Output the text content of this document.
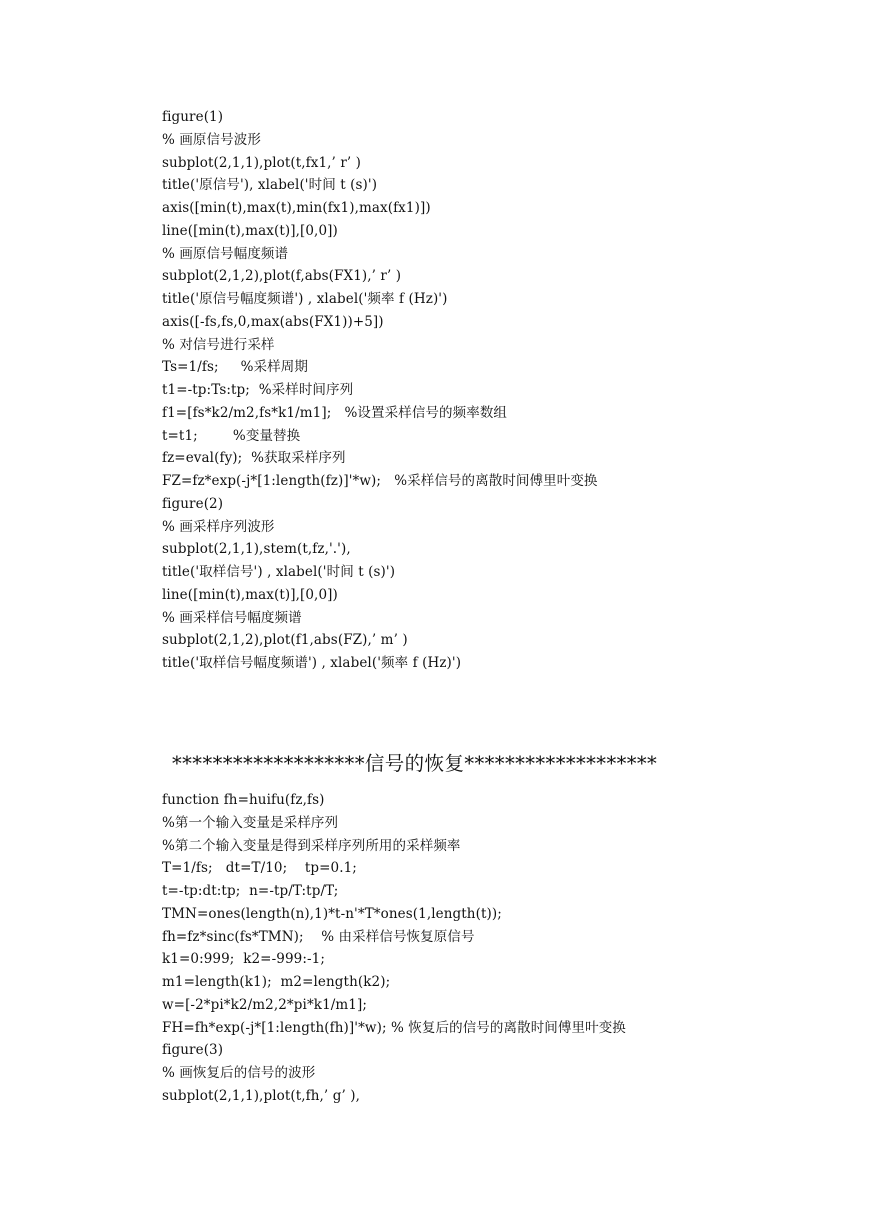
figure(1)
% 画原信号波形
subplot(2,1,1),plot(t,fx1,’ r’ )
title('原信号'), xlabel('时间 t (s)')
axis([min(t),max(t),min(fx1),max(fx1)])
line([min(t),max(t)],[0,0])
% 画原信号幅度频谱
subplot(2,1,2),plot(f,abs(FX1),’ r’ )
title('原信号幅度频谱') , xlabel('频率 f (Hz)')
axis([-fs,fs,0,max(abs(FX1))+5])
% 对信号进行采样
Ts=1/fs;     %采样周期
t1=-tp:Ts:tp;  %采样时间序列
f1=[fs*k2/m2,fs*k1/m1];   %设置采样信号的频率数组
t=t1;        %变量替换
fz=eval(fy);  %获取采样序列
FZ=fz*exp(-j*[1:length(fz)]'*w);   %采样信号的离散时间傅里叶变换
figure(2)
% 画采样序列波形
subplot(2,1,1),stem(t,fz,'.'),
title('取样信号') , xlabel('时间 t (s)')
line([min(t),max(t)],[0,0])
% 画采样信号幅度频谱
subplot(2,1,2),plot(f1,abs(FZ),’ m’ )
title('取样信号幅度频谱') , xlabel('频率 f (Hz)')
*******************信号的恢复*******************
function fh=huifu(fz,fs)
%第一个输入变量是采样序列
%第二个输入变量是得到采样序列所用的采样频率
T=1/fs;   dt=T/10;    tp=0.1;
t=-tp:dt:tp;  n=-tp/T:tp/T;
TMN=ones(length(n),1)*t-n'*T*ones(1,length(t));
fh=fz*sinc(fs*TMN);    % 由采样信号恢复原信号
k1=0:999;  k2=-999:-1;
m1=length(k1);  m2=length(k2);
w=[-2*pi*k2/m2,2*pi*k1/m1];
FH=fh*exp(-j*[1:length(fh)]'*w); % 恢复后的信号的离散时间傅里叶变换
figure(3)
% 画恢复后的信号的波形
subplot(2,1,1),plot(t,fh,’ g’ ),
